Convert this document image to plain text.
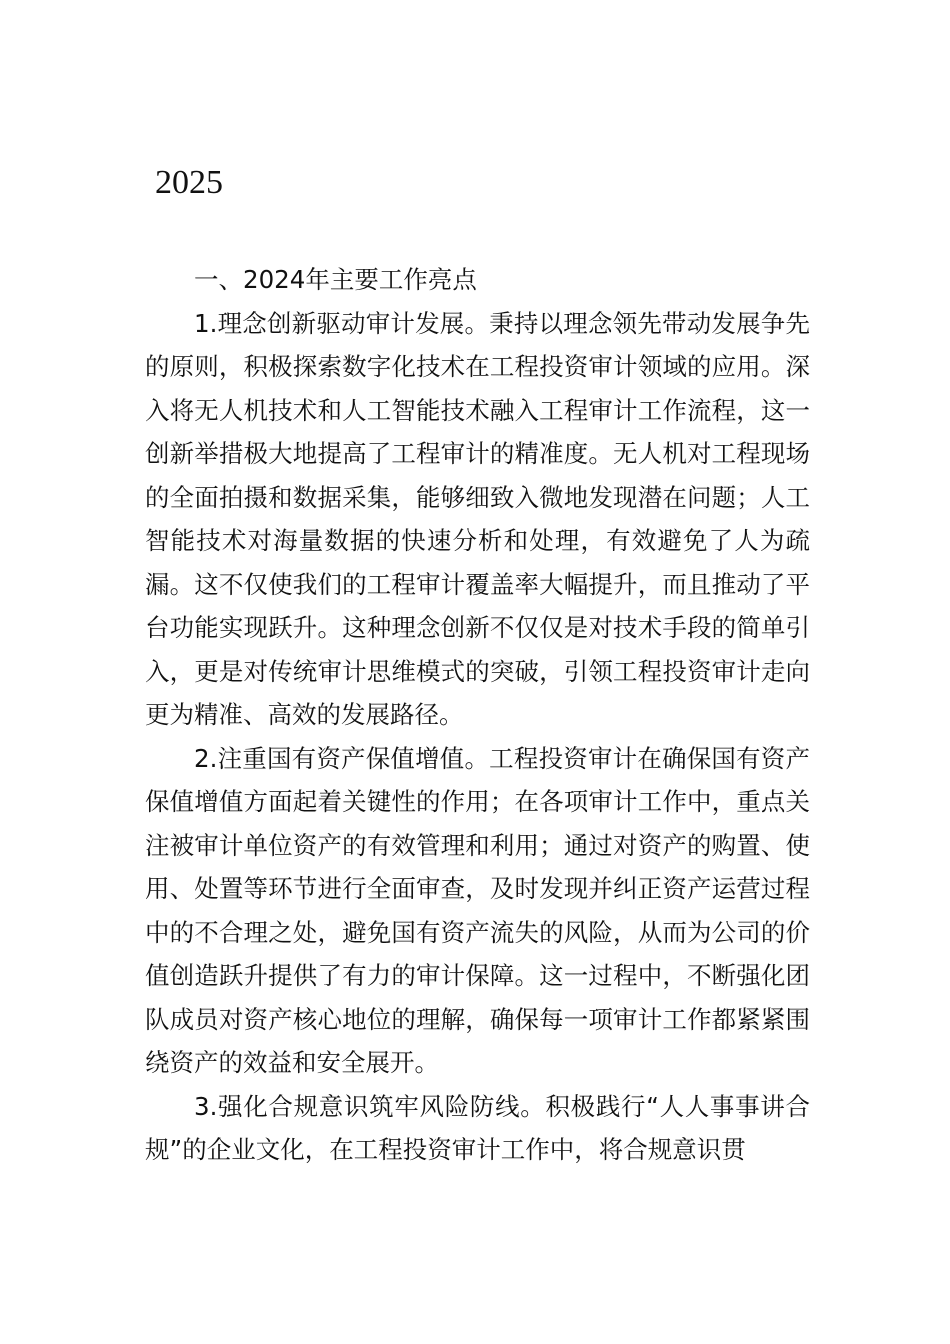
2025

一、2024年主要工作亮点

1.理念创新驱动审计发展。秉持以理念领先带动发展争先的原则，积极探索数字化技术在工程投资审计领域的应用。深入将无人机技术和人工智能技术融入工程审计工作流程，这一创新举措极大地提高了工程审计的精准度。无人机对工程现场的全面拍摄和数据采集，能够细致入微地发现潜在问题；人工智能技术对海量数据的快速分析和处理，有效避免了人为疏漏。这不仅使我们的工程审计覆盖率大幅提升，而且推动了平台功能实现跃升。这种理念创新不仅仅是对技术手段的简单引入，更是对传统审计思维模式的突破，引领工程投资审计走向更为精准、高效的发展路径。

2.注重国有资产保值增值。工程投资审计在确保国有资产保值增值方面起着关键性的作用；在各项审计工作中，重点关注被审计单位资产的有效管理和利用；通过对资产的购置、使用、处置等环节进行全面审查，及时发现并纠正资产运营过程中的不合理之处，避免国有资产流失的风险，从而为公司的价值创造跃升提供了有力的审计保障。这一过程中，不断强化团队成员对资产核心地位的理解，确保每一项审计工作都紧紧围绕资产的效益和安全展开。

3.强化合规意识筑牢风险防线。积极践行“人人事事讲合规”的企业文化，在工程投资审计工作中，将合规意识贯
